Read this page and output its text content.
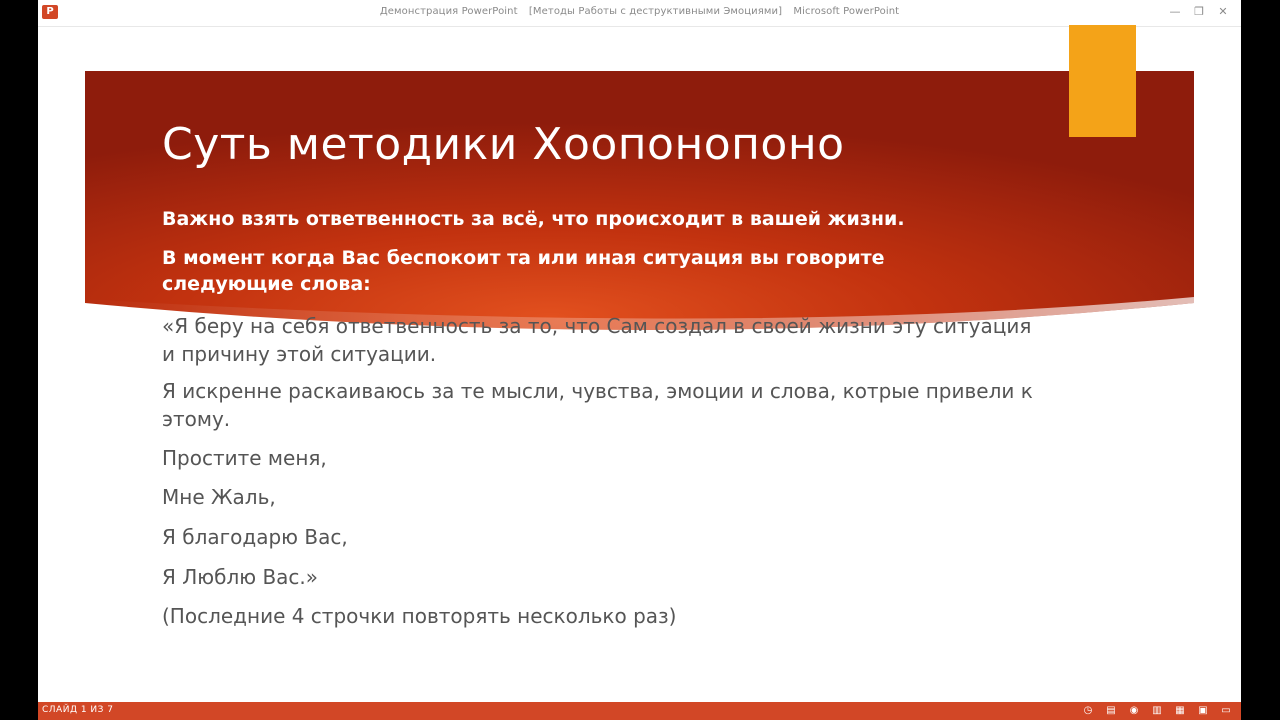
P	Демонстрация PowerPoint [Методы Работы с деструктивными Эмоциями] Microsoft PowerPoint	—	❐	✕
Суть методики Хоопонопоно
Важно взять ответвенность за всё, что происходит в вашей жизни.
В момент когда Вас беспокоит та или иная ситуация вы говорите следующие слова:
«Я беру на себя ответвенность за то, что Сам создал в своей жизни эту ситуация и причину этой ситуации.
Я искренне раскаиваюсь за те мысли, чувства, эмоции и слова, котрые привели к этому.
Простите меня,
Мне Жаль,
Я благодарю Вас,
Я Люблю Вас.»
(Последние 4 строчки повторять несколько раз)
СЛАЙД 1 ИЗ 7	◷ ▤ ◉ ▥ ▦ ▣ ▭
